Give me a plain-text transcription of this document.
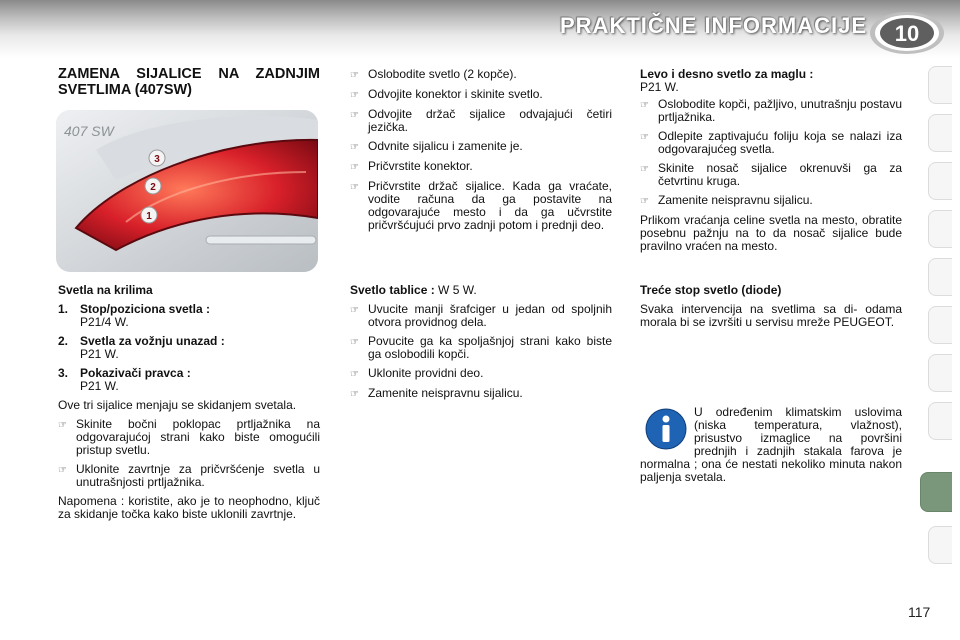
PRAKTIČNE INFORMACIJE 10

ZAMENA SIJALICE NA ZADNJIM SVETLIMA (407SW)

407 SW
3
2
1

Svetla na krilima

1. Stop/poziciona svetla :
P21/4 W.
2. Svetla za vožnju unazad :
P21 W.
3. Pokazivači pravca :
P21 W.

Ove tri sijalice menjaju se skidanjem svetala.

☞ Skinite bočni poklopac prtljažnika na odgovarajućoj strani kako biste omogućili pristup svetlu.
☞ Uklonite zavrtnje za pričvršćenje svetla u unutrašnjosti prtljažnika.

Napomena : koristite, ako je to neophodno, ključ za skidanje točka kako biste uklonili zavrtnje.

☞ Oslobodite svetlo (2 kopče).
☞ Odvojite konektor i skinite svetlo.
☞ Odvojite držač sijalice odvajajući četiri jezička.
☞ Odvnite sijalicu i zamenite je.
☞ Pričvrstite konektor.
☞ Pričvrstite držač sijalice. Kada ga vraćate, vodite računa da ga postavite na odgovarajuće mesto i da ga učvrstite pričvršćujući prvo zadnji potom i prednji deo.

Svetlo tablice : W 5 W.

☞ Uvucite manji šrafciger u jedan od spoljnih otvora providnog dela.
☞ Povucite ga ka spoljašnjoj strani kako biste ga oslobodili kopči.
☞ Uklonite providni deo.
☞ Zamenite neispravnu sijalicu.

Levo i desno svetlo za maglu :
P21 W.

☞ Oslobodite kopči, pažljivo, unutrašnju postavu prtljažnika.
☞ Odlepite zaptivajuću foliju koja se nalazi iza odgovarajućeg svetla.
☞ Skinite nosač sijalice okrenuvši ga za četvrtinu kruga.
☞ Zamenite neispravnu sijalicu.

Prlikom vraćanja celine svetla na mesto, obratite posebnu pažnju na to da nosač sijalice bude pravilno vraćen na mesto.

Treće stop svetlo (diode)

Svaka intervencija na svetlima sa di- odama morala bi se izvršiti u servisu mreže PEUGEOT.

U određenim klimatskim uslovima (niska temperatura, vlažnost), prisustvo izmaglice na površini prednjih i zadnjih stakala farova je normalna ; ona će nestati nekoliko minuta nakon paljenja svetala.
117
